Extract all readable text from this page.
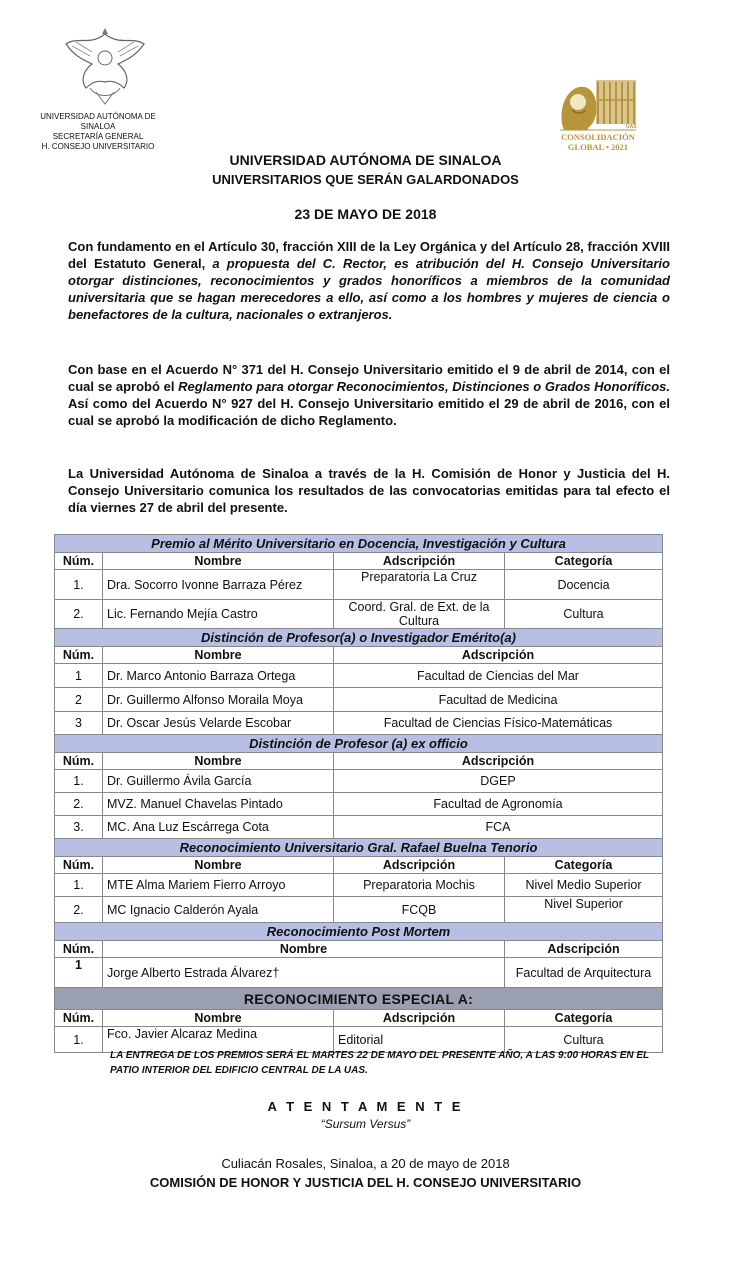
UNIVERSIDAD AUTÓNOMA DE
SINALOA
SECRETARÍA GENERAL
H. CONSEJO UNIVERSITARIO
UAS
CONSOLIDACIÓN
GLOBAL • 2021
UNIVERSIDAD AUTÓNOMA DE SINALOA
UNIVERSITARIOS QUE SERÁN GALARDONADOS
23 DE MAYO DE 2018
Con fundamento en el Artículo 30, fracción XIII de la Ley Orgánica y del Artículo 28, fracción XVIII del Estatuto General, a propuesta del C. Rector, es atribución del H. Consejo Universitario otorgar distinciones, reconocimientos y grados honoríficos a miembros de la comunidad universitaria que se hagan merecedores a ello, así como a los hombres y mujeres de ciencia o benefactores de la cultura, nacionales o extranjeros.
Con base en el Acuerdo N° 371 del H. Consejo Universitario emitido el 9 de abril de 2014, con el cual se aprobó el Reglamento para otorgar Reconocimientos, Distinciones o Grados Honoríficos. Así como del Acuerdo N° 927 del H. Consejo Universitario emitido el 29 de abril de 2016, con el cual se aprobó la modificación de dicho Reglamento.
La Universidad Autónoma de Sinaloa a través de la H. Comisión de Honor y Justicia del H. Consejo Universitario comunica los resultados de las convocatorias emitidas para tal efecto el día viernes 27 de abril del presente.
Premio al Mérito Universitario en Docencia, Investigación y Cultura			
Núm.	Nombre	Adscripción	Categoría
1.	Dra. Socorro Ivonne Barraza Pérez	Preparatoria La Cruz	Docencia
2.	Lic. Fernando Mejía Castro	Coord. Gral. de Ext. de la Cultura	Cultura
Distinción de Profesor(a) o Investigador Emérito(a)			
Núm.	Nombre	Adscripción	
1	Dr. Marco Antonio Barraza Ortega	Facultad de Ciencias del Mar	
2	Dr. Guillermo Alfonso Moraila Moya	Facultad de Medicina	
3	Dr. Oscar Jesús Velarde Escobar	Facultad de Ciencias Físico-Matemáticas	
Distinción de Profesor (a) ex officio			
Núm.	Nombre	Adscripción	
1.	Dr. Guillermo Ávila García	DGEP	
2.	MVZ. Manuel Chavelas Pintado	Facultad de Agronomía	
3.	MC. Ana Luz Escárrega Cota	FCA	
Reconocimiento Universitario Gral. Rafael Buelna Tenorio			
Núm.	Nombre	Adscripción	Categoría
1.	MTE Alma Mariem Fierro Arroyo	Preparatoria Mochis	Nivel Medio Superior
2.	MC Ignacio Calderón Ayala	FCQB	Nivel Superior
Reconocimiento Post Mortem			
Núm.	Nombre		Adscripción
1	Jorge Alberto Estrada Álvarez†		Facultad de Arquitectura
RECONOCIMIENTO ESPECIAL A:			
Núm.	Nombre	Adscripción	Categoría
1.	Fco. Javier Alcaraz Medina	Editorial	Cultura
LA ENTREGA DE LOS PREMIOS SERÁ EL MARTES 22 DE MAYO DEL PRESENTE AÑO, A LAS 9:00 HORAS EN EL PATIO INTERIOR DEL EDIFICIO CENTRAL DE LA UAS.
A T E N T A M E N T E
“Sursum Versus”
Culiacán Rosales, Sinaloa, a 20 de mayo de 2018
COMISIÓN DE HONOR Y JUSTICIA DEL H. CONSEJO UNIVERSITARIO
